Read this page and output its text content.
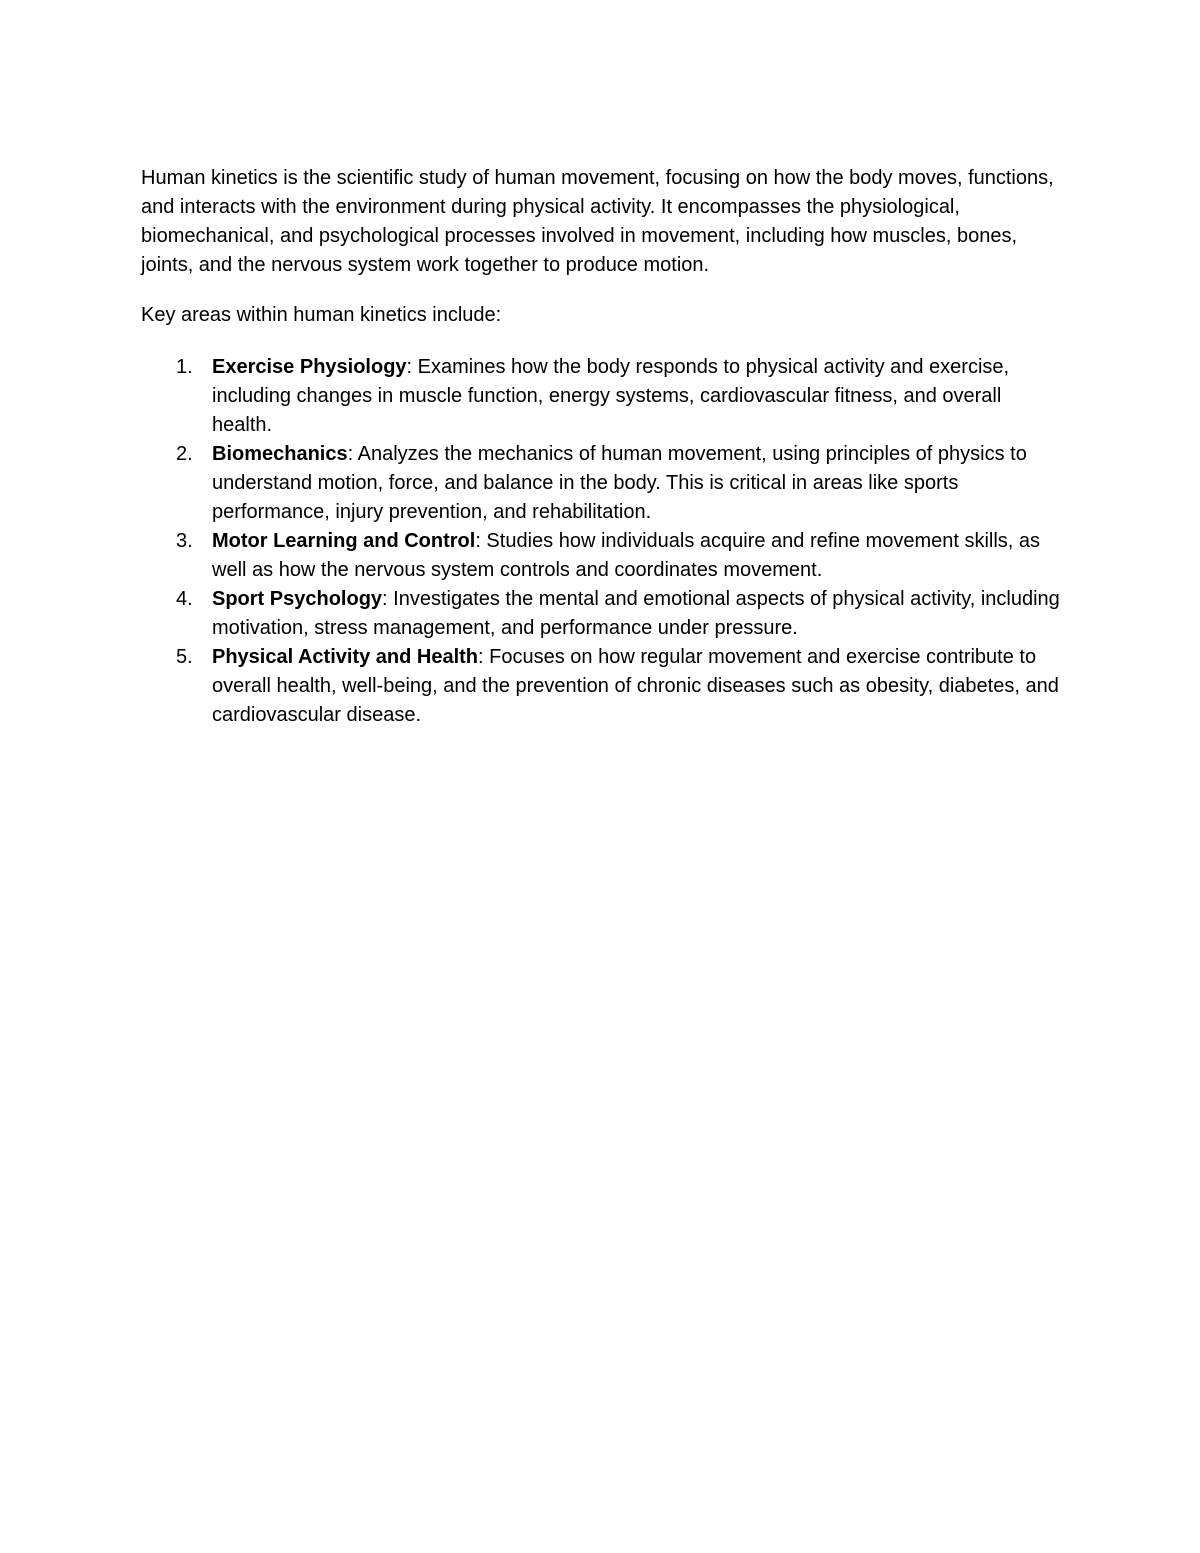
Human kinetics is the scientific study of human movement, focusing on how the body moves, functions, and interacts with the environment during physical activity. It encompasses the physiological, biomechanical, and psychological processes involved in movement, including how muscles, bones, joints, and the nervous system work together to produce motion.

Key areas within human kinetics include:

1. Exercise Physiology: Examines how the body responds to physical activity and exercise, including changes in muscle function, energy systems, cardiovascular fitness, and overall health.
2. Biomechanics: Analyzes the mechanics of human movement, using principles of physics to understand motion, force, and balance in the body. This is critical in areas like sports performance, injury prevention, and rehabilitation.
3. Motor Learning and Control: Studies how individuals acquire and refine movement skills, as well as how the nervous system controls and coordinates movement.
4. Sport Psychology: Investigates the mental and emotional aspects of physical activity, including motivation, stress management, and performance under pressure.
5. Physical Activity and Health: Focuses on how regular movement and exercise contribute to overall health, well-being, and the prevention of chronic diseases such as obesity, diabetes, and cardiovascular disease.
